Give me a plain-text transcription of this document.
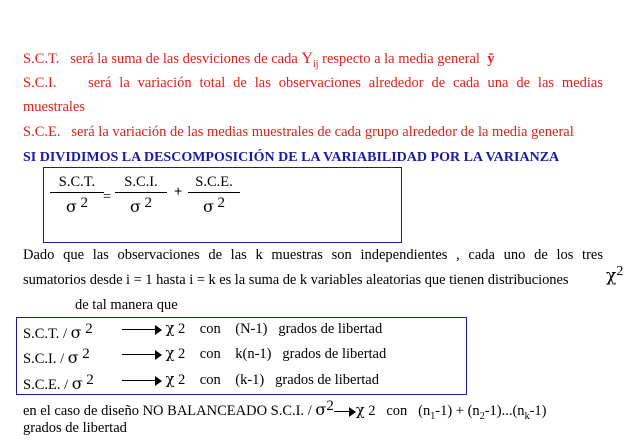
S.C.T. será la suma de las desviciones de cada $Y_{ij}$ respecto a la media general ȳ
S.C.I. será la variación total de las observaciones alrededor de cada una de las medias
muestrales
S.C.E. será la variación de las medias muestrales de cada grupo alrededor de la media general
SI DIVIDIMOS LA DESCOMPOSICIÓN DE LA VARIABILIDAD POR LA VARIANZA
$\frac{S.C.T.}{\sigma ^2} = \frac{S.C.I.}{\sigma ^2} + \frac{S.C.E.}{\sigma ^2}$
Dado que las observaciones de las k muestras son independientes , cada uno de los tres
sumatorios desde i = 1 hasta i = k es la suma de k variables aleatorias que tienen distribuciones $\chi^2$
de tal manera que
S.C.T. / σ $^2$	χ 2 con (N-1) grados de libertad
S.C.I. / σ $^2$	χ 2 con k(n-1) grados de libertad
S.C.E. / σ $^2$	χ 2 con (k-1) grados de libertad
en el caso de diseño NO BALANCEADO S.C.I. / $\sigma^2$ χ 2 con $(n_1-1) + (n_2-1)...(n_k-1)$
grados de libertad
